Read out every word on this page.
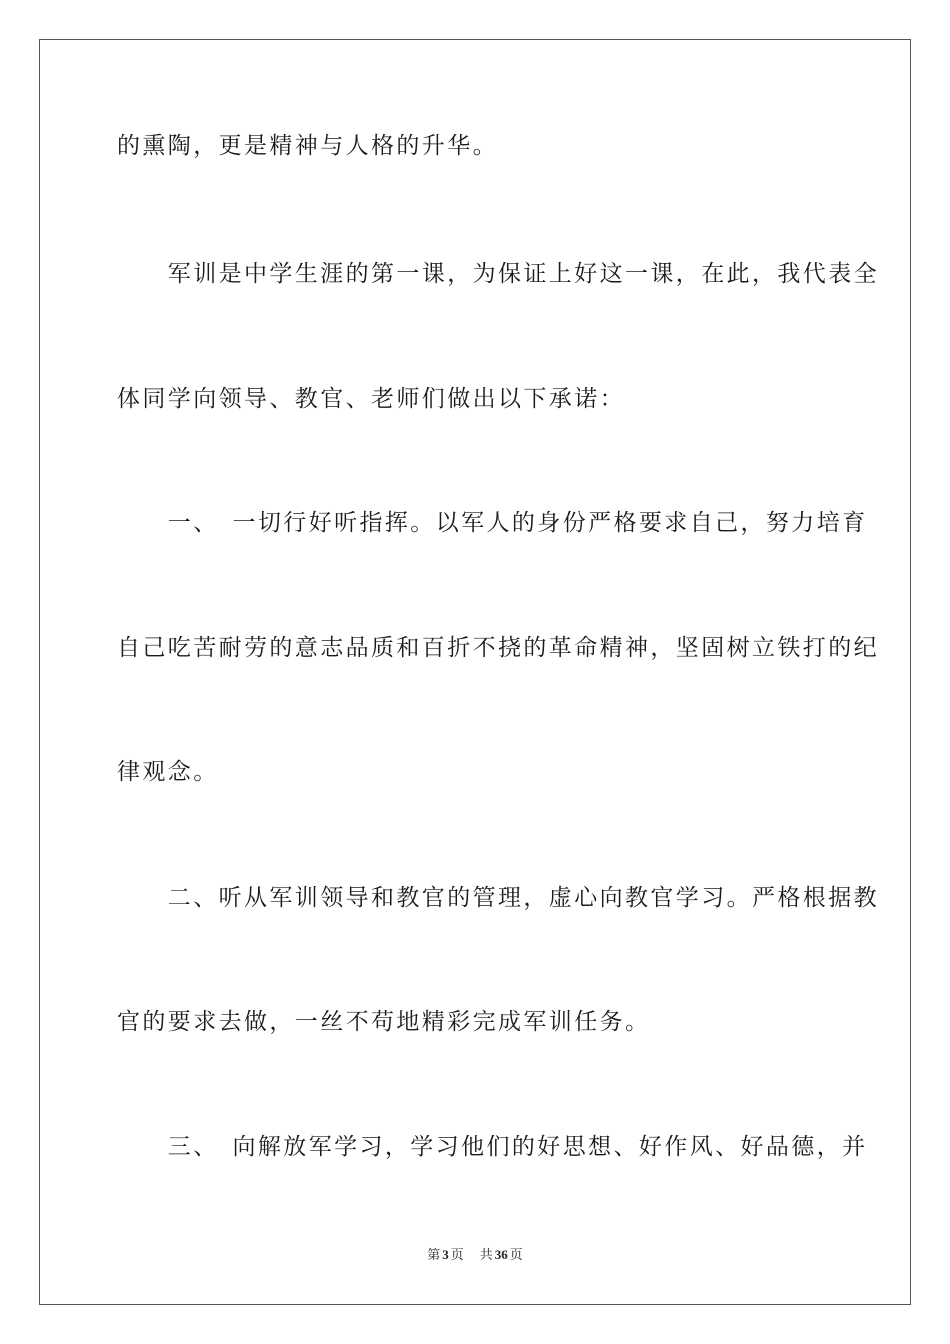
的熏陶，更是精神与人格的升华。
　　军训是中学生涯的第一课，为保证上好这一课，在此，我代表全
体同学向领导、教官、老师们做出以下承诺：
　　一、　一切行好听指挥。以军人的身份严格要求自己，努力培育
自己吃苦耐劳的意志品质和百折不挠的革命精神，坚固树立铁打的纪
律观念。
　　二、听从军训领导和教官的管理，虚心向教官学习。严格根据教
官的要求去做，一丝不苟地精彩完成军训任务。
　　三、　向解放军学习，学习他们的好思想、好作风、好品德，并
第 3 页 共 36 页
